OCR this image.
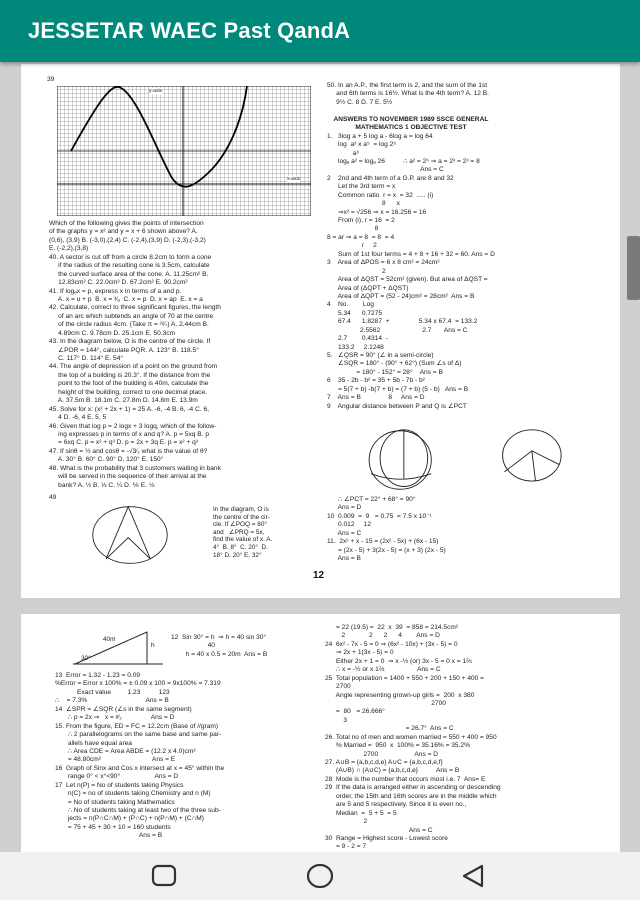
JESSETAR WAEC Past QandA
39
y-axis
x-axis
Which of the following gives the points of intersection
of the graphs y = x² and y = x + 6 shown above? A.
(0,6), (3,9) B. (-3,0),(2,4) C. (-2,4),(3,9) D. (-2,3),(-3,2)
E. (-2,2),(3,8)
40. A sector is cut off from a circle 8.2cm to form a cone
if the radius of the resulting cone is 3.5cm, calculate
the curved surface area of the cone. A. 11.25cm² B.
12.83cm² C. 22.0cm² D. 67.2cm² E. 90.2cm²
41. If logₐx = p, express x in terms of a and p.
A. x = u + p  B. x = ³⁄ₐ  C. x = p  D. x = ap  E. x = a
42. Calculate, correct to three significant figures, the length
of an arc which subtends an angle of 70 at the centre
of the circle radius 4cm. (Take π = ²²⁄₇) A. 2.44cm B.
4.89cm C. 9.78cm D. 25.1cm E. 50.3cm
43. In the diagram below, O is the centre of the circle. If
∠POR = 144°, calculate PQR. A. 123° B. 118.5°
C. 117° D. 114° E. 54°
44. The angle of depression of a point on the ground from
the top of a building is 20.3°. If the distance from the
point to the foot of the building is 40m, calculate the
height of the building, correct to one decimal place.
A. 37.5m B. 18.1m C. 27.8m D. 14.8m E. 13.9m
45. Solve for x: (x² + 2x + 1) = 25 A. -6, -4 B. 6, -4 C. 6,
4 D. -6, 4 E. 5, 5
46. Given that log p = 2 logx + 3 logq, which of the follow-
ing expresses p in terms of x and q? A. p = 5xq B. p
= 6xq C. p = x² + q³ D. p = 2x + 3q E. p = x² + q³
47. If sinθ = ½ and cosθ = -√3⁄₂ what is the value of θ?
A. 30° B. 60° C. 90° D. 120° E. 150°
48. What is the probability that 3 customers waiting in bank
will be served in the sequence of their arrival at the
bank? A. ½ B. ⅓ C. ¼ D. ⅙ E. ⅛
49
In the diagram, O is
the centre of the cir-
cle. If ∠POQ = 80°
and   ∠PRQ = 5x,
find the value of x. A.
4°  B. 8°  C. 20°  D.
18° D. 20° E. 32°
50. In an A.P., the first term is 2, and the sum of the 1st
and 6th terms is 16½. What is the 4th term? A. 12 B.
9½ C. 8 D. 7 E. 5½
ANSWERS TO NOVEMBER 1989 SSCE GENERAL
MATHEMATICS 1 OBJECTIVE TEST
1.   3log a + 5 log a - 6log a = log 64
log  a³ x a⁵  = log 2⁶
a⁶
logₐ a² = logₐ 26          ∴ a² = 2⁶ ⇒ a = 2³ = 2³ = 8
Ans = C
2    2nd and 4th term of a G.P. are 8 and 32
Let the 3rd term = x
Common ratio  r = x  = 32  ..... (i)
8      x
⇒x² = √256 ⇒ x = 16.256 = 16
From (i), r = 16  = 2
8
8 = ar ⇒ a = 8  = 8  = 4
r     2
Sum of 1st four terms = 4 + 8 + 16 + 32 = 60. Ans = D
3    Area of ΔPOS = 6 x 8 cm² = 24cm²
2
Area of ΔQST = 52cm² (given). But area of ΔQST =
Area of (ΔQPT + ΔQST)
Area of ΔQPT = (52 - 24)cm² = 28cm²  Ans = B
4    No.        Log
5.34      0.7275
67.4      1.8287  +                5.34 x 67.4  = 133.2
2.5562                       2.7       Ans = C
2.7        0.4314  -
133.2     2.1248
5.   ∠QSR = 90° (∠ in a semi-circle)
∠SQR = 180° - (90° + 62°) (Sum ∠s of Δ)
= 180° - 152° = 28°    Ans = B
6    35 - 2b - b² = 35 + 5b - 7b - b²
= 5(7 + b) -b(7 + b) = (7 + b) (5 - b)   Ans = B
7    Ans = B               8     Ans = D
9    Angular distance between P and Q is ∠PCT
∴ ∠PCT = 22° + 68° = 90°
Ans = D
10  0.009  =  9   = 0.75  = 7.5 x 10⁻¹
0.012     12
Ans = C
11.  2x² + x - 15 = (2x² - 5x) + (6x - 15)
= (2x - 5) + 3(2x - 5) = (x + 3) (2x - 5)
Ans = B
12
40m
30°
h
12  Sin 30° = h  ⇒ h = 40 sin 30°
40
h = 40 x 0.5 = 20m  Ans = B
13  Error = 1.32 - 1.23 = 0.09
%Error = Error x 100% = ± 0.09 x 100 = 9x100% = 7.319
Exact value         1.23          123
∴    = 7.3%                                Ans = B
14  ∠SPR = ∠SQR (∠s in the same segment)
∴ p = 2x ⇒   x = ᵖ⁄₂                Ans = D
15. From the figure, ED = FC = 12.2cm (Base of //gram)
∴ 2 parallelograms on the same base and same par-
allels have equal area
∴ Area CDE = Area ABDE = (12.2 x 4.0)cm²
= 48.80cm²                            Ans = E
16  Graph of Sinx and Cos x intersect at x = 45° within the
range 0° < x°<90°                   Ans = D
17  Let n(P) = No of students taking Physics
n(C) = no of students taking Chemistry and n (M)
= No of students taking Mathematics
∴ No of students taking at least two of the three sub-
jects = n(P∩C∩M) + (P∩C) + n(P∩M) + (C∩M)
= 75 + 45 + 30 + 10 = 160 students
Ans = B
= 22 (19.5) =  22  x  39  = 858 = 214.5cm²
2             2      2      4        Ans = D
24  6x² - 7x - 5 = 0 ⇒ (6x² - 10x) + (3x - 5) = 0
⇒ 2x + 1(3x - 5) = 0
Either 2x + 1 = 0  ⇒ x -½ (or) 3x - 5 = 0 x = 1⅔
∴ x = -½ or x 1⅔                  Ans = C
25  Total population = 1400 + 550 + 200 + 150 + 400 =
2700
Angle representing grown-up girls =  200  x 360
2700
=  80   = 26.666°
3
= 26.7°  Ans = C
26. Total no of men and women married = 550 + 400 = 950
% Married =  950  x  100% = 35.16% = 35.2%
2700                    Ans = D
27. A∪B = {a,b,c,d,e} A∪C = {a,b,c,d,e,f}
(A∪B) ∩ (A∪C) = {a,b,c,d,e}          Ans = B
28  Mode is the number that occurs most i.e. 7  Ans= E
29  If the data is arranged either in ascending or descending
order, the 15th and 16th scores are in the middle which
are 5 and 5 respectively. Since it is even no.,
Median  =  5 + 5  = 5
2
Ans = C
30  Range = Highest score - Lowest score
= 9 - 2 = 7
